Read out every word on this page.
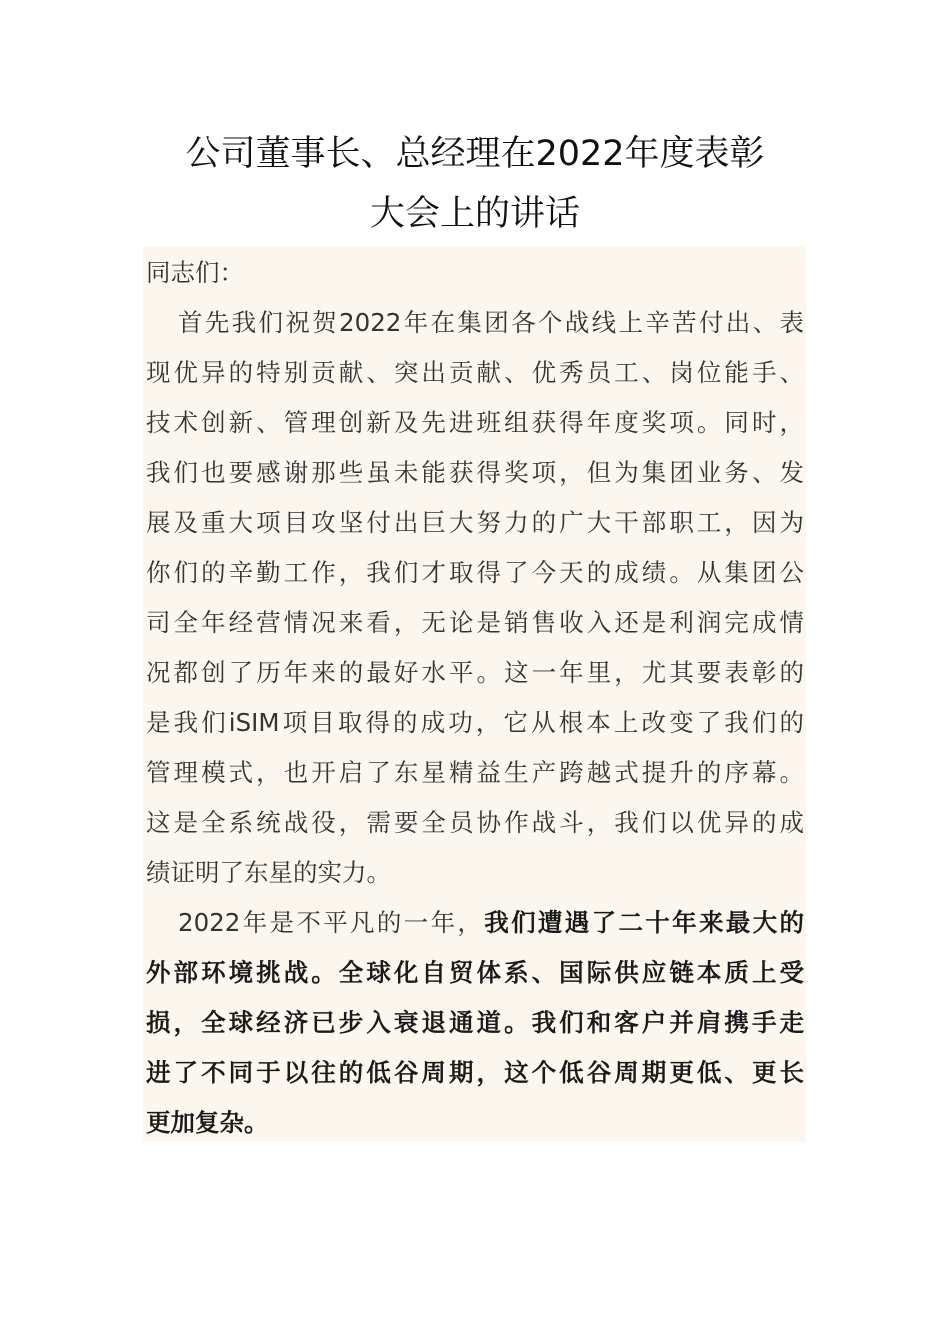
公司董事长、总经理在2022年度表彰
大会上的讲话
同志们：
首先我们祝贺2022年在集团各个战线上辛苦付出、表
现优异的特别贡献、突出贡献、优秀员工、岗位能手、
技术创新、管理创新及先进班组获得年度奖项。同时，
我们也要感谢那些虽未能获得奖项，但为集团业务、发
展及重大项目攻坚付出巨大努力的广大干部职工，因为
你们的辛勤工作，我们才取得了今天的成绩。从集团公
司全年经营情况来看，无论是销售收入还是利润完成情
况都创了历年来的最好水平。这一年里，尤其要表彰的
是我们iSIM项目取得的成功，它从根本上改变了我们的
管理模式，也开启了东星精益生产跨越式提升的序幕。
这是全系统战役，需要全员协作战斗，我们以优异的成
绩证明了东星的实力。
2022年是不平凡的一年，我们遭遇了二十年来最大的
外部环境挑战。全球化自贸体系、国际供应链本质上受
损，全球经济已步入衰退通道。我们和客户并肩携手走
进了不同于以往的低谷周期，这个低谷周期更低、更长
更加复杂。
